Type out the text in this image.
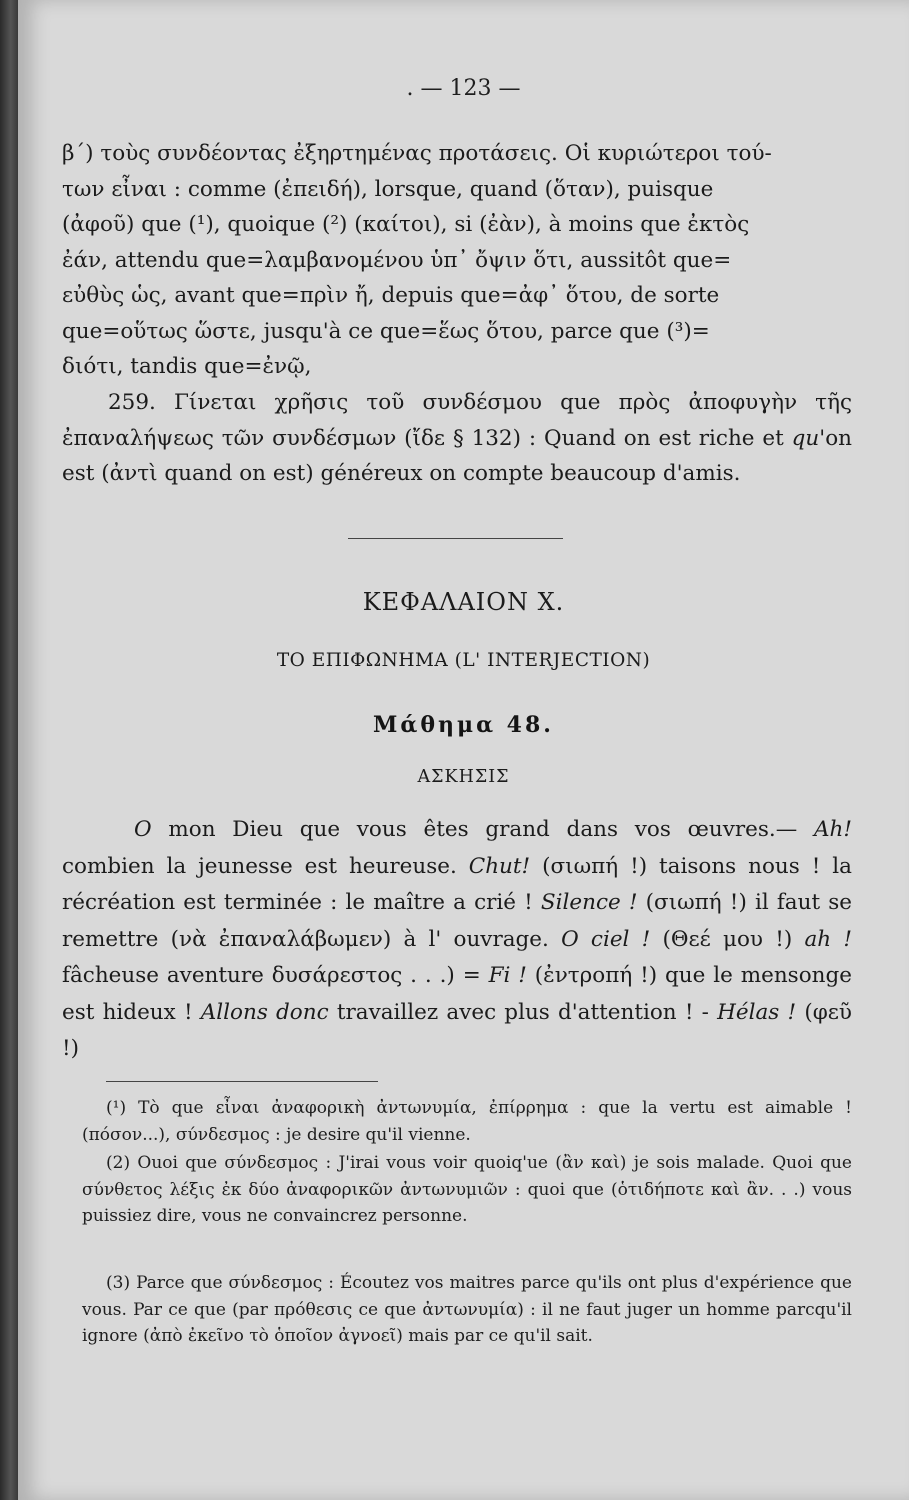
. — 123 —
β΄) τοὺς συνδέοντας ἐξηρτημένας προτάσεις. Οἱ κυριώτεροι τού-
των εἶναι : comme (ἐπειδή), lorsque, quand (ὅταν), puisque
(ἀφοῦ) que (¹), quoique (²) (καίτοι), si (ἐὰν), à moins que ἐκτὸς
ἐάν, attendu que=λαμβανομένου ὑπ᾽ ὄψιν ὅτι, aussitôt que=
εὐθὺς ὡς, avant que=πρὶν ἤ, depuis que=ἀφ᾽ ὅτου, de sorte
que=οὕτως ὥστε, jusqu'à ce que=ἕως ὅτου, parce que (³)=
διότι, tandis que=ἐνῷ,
259. Γίνεται χρῆσις τοῦ συνδέσμου que πρὸς ἀποφυγὴν τῆς ἐπαναλήψεως τῶν συνδέσμων (ἴδε § 132) : Quand on est riche et qu'on est (ἀντὶ quand on est) généreux on compte beaucoup d'amis.
ΚΕΦΑΛΑΙΟΝ X.
ΤΟ ΕΠΙΦΩΝΗΜΑ (L' INTERJECTION)
Μάθημα 48.
ΑΣΚΗΣΙΣ
O mon Dieu que vous êtes grand dans vos œuvres.— Ah! combien la jeunesse est heureuse. Chut! (σιωπή !) taisons nous ! la récréation est terminée : le maître a crié ! Silence ! (σιωπή !) il faut se remettre (νὰ ἐπαναλάβωμεν) à l' ouvrage. O ciel ! (Θεέ μου !) ah ! fâcheuse aventure δυσάρεστος . . .) = Fi ! (ἐντροπή !) que le mensonge est hideux ! Allons donc travaillez avec plus d'attention ! - Hélas ! (φεῦ !)
(¹) Τὸ que εἶναι ἀναφορικὴ ἀντωνυμία, ἐπίρρημα : que la vertu est aimable ! (πόσον...), σύνδεσμος : je desire qu'il vienne.
(2) Ouoi que σύνδεσμος : J'irai vous voir quoiq'ue (ἂν καὶ) je sois malade. Quoi que σύνθετος λέξις ἐκ δύο ἀναφορικῶν ἀντωνυμιῶν : quoi que (ὁτιδήποτε καὶ ἂν. . .) vous puissiez dire, vous ne convaincrez personne.
(3) Parce que σύνδεσμος : Écoutez vos maitres parce qu'ils ont plus d'expérience que vous. Par ce que (par πρόθεσις ce que ἀντωνυμία) : il ne faut juger un homme parcqu'il ignore (ἀπὸ ἐκεῖνο τὸ ὁποῖον ἀγνοεῖ) mais par ce qu'il sait.
